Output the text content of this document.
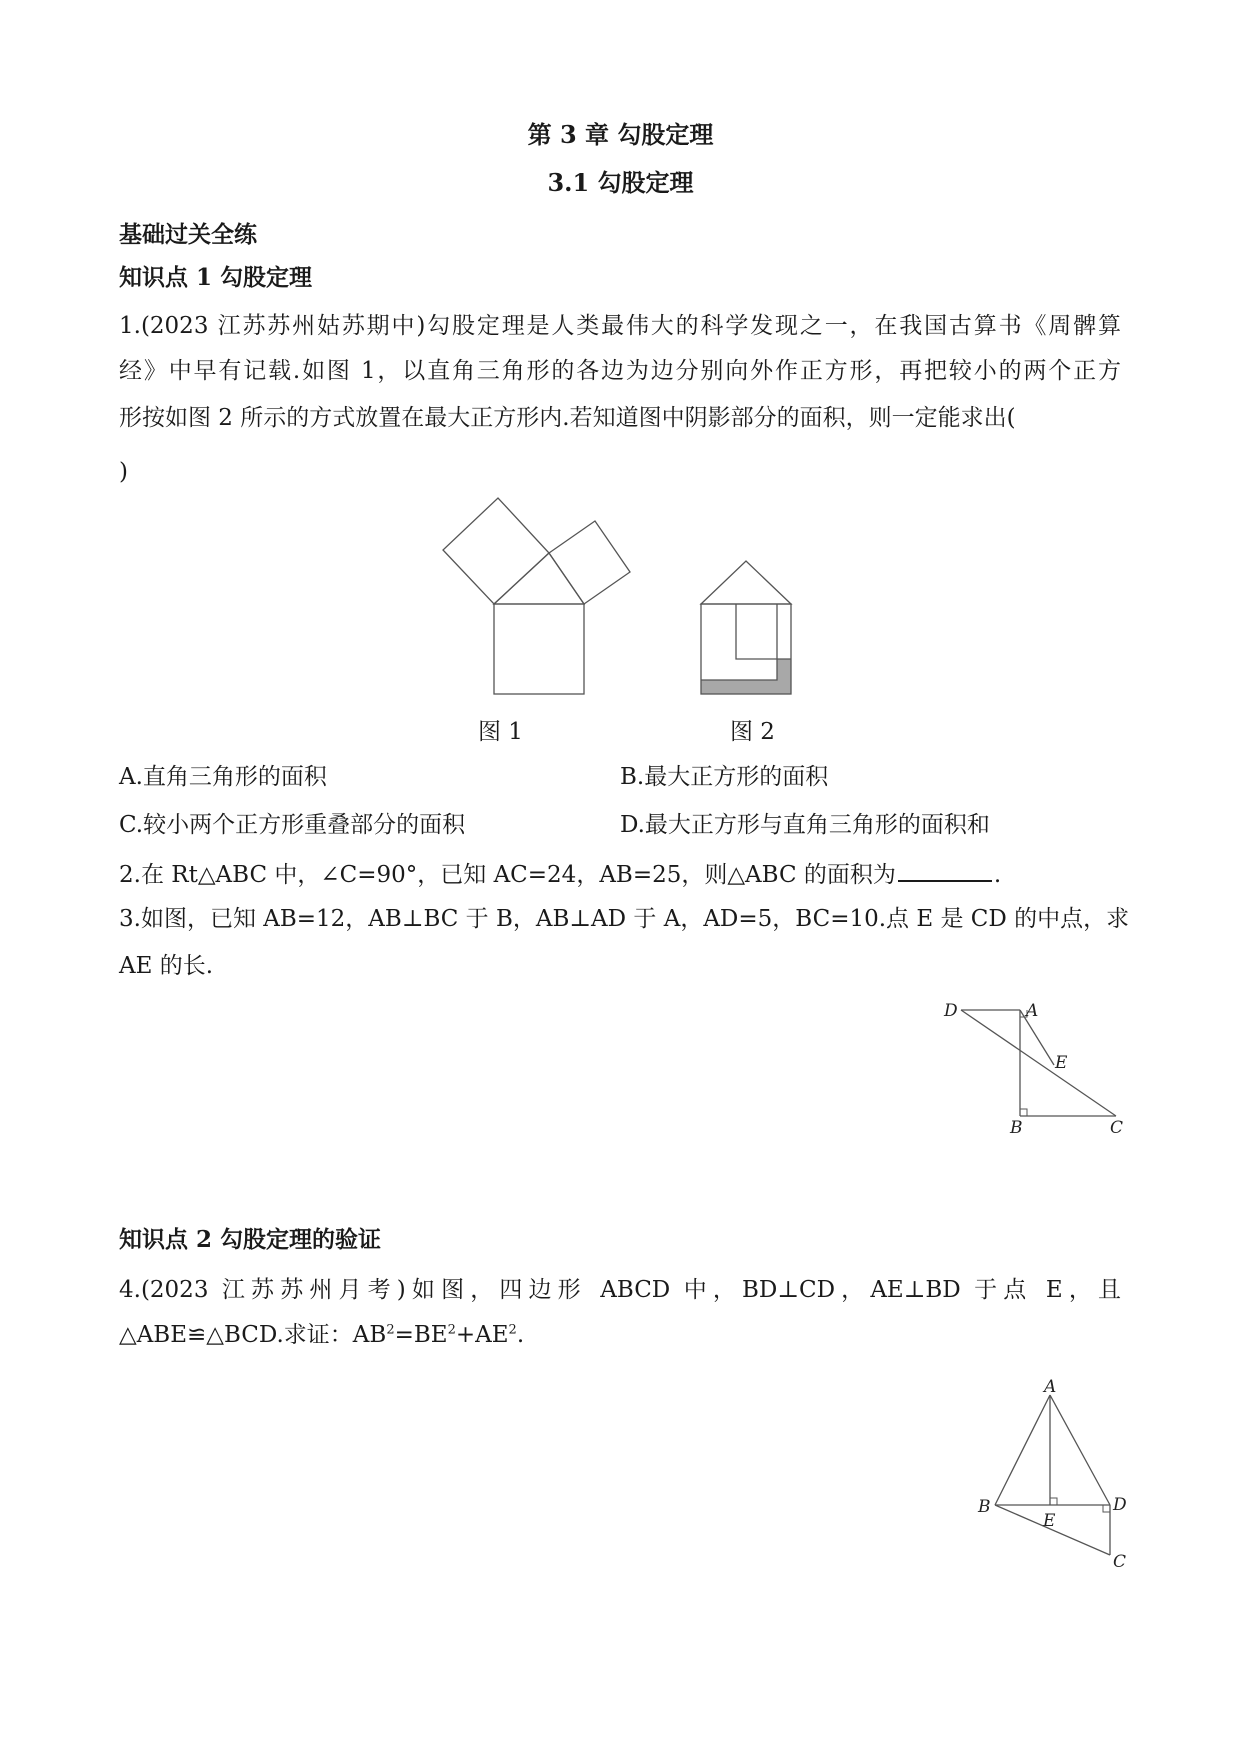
第 3 章 勾股定理
3.1 勾股定理
基础过关全练
知识点 1 勾股定理
1.(2023 江苏苏州姑苏期中)勾股定理是人类最伟大的科学发现之一，在我国古算书《周髀算
经》中早有记载.如图 1，以直角三角形的各边为边分别向外作正方形，再把较小的两个正方
形按如图 2 所示的方式放置在最大正方形内.若知道图中阴影部分的面积，则一定能求出(
)
图 1	图 2
A.直角三角形的面积	B.最大正方形的面积
C.较小两个正方形重叠部分的面积	D.最大正方形与直角三角形的面积和
2.在 Rt△ABC 中，∠C=90°，已知 AC=24，AB=25，则△ABC 的面积为	.
3.如图，已知 AB=12，AB⊥BC 于 B，AB⊥AD 于 A，AD=5，BC=10.点 E 是 CD 的中点，求
AE 的长.
D	A
E
B	C
知识点 2 勾股定理的验证
4.(2023 江苏苏州月考)如图，四边形 ABCD 中，BD⊥CD，AE⊥BD 于点 E，且
△ABE≌△BCD.求证：$AB^2=BE^2+AE^2$.
A
B
E
D
C
